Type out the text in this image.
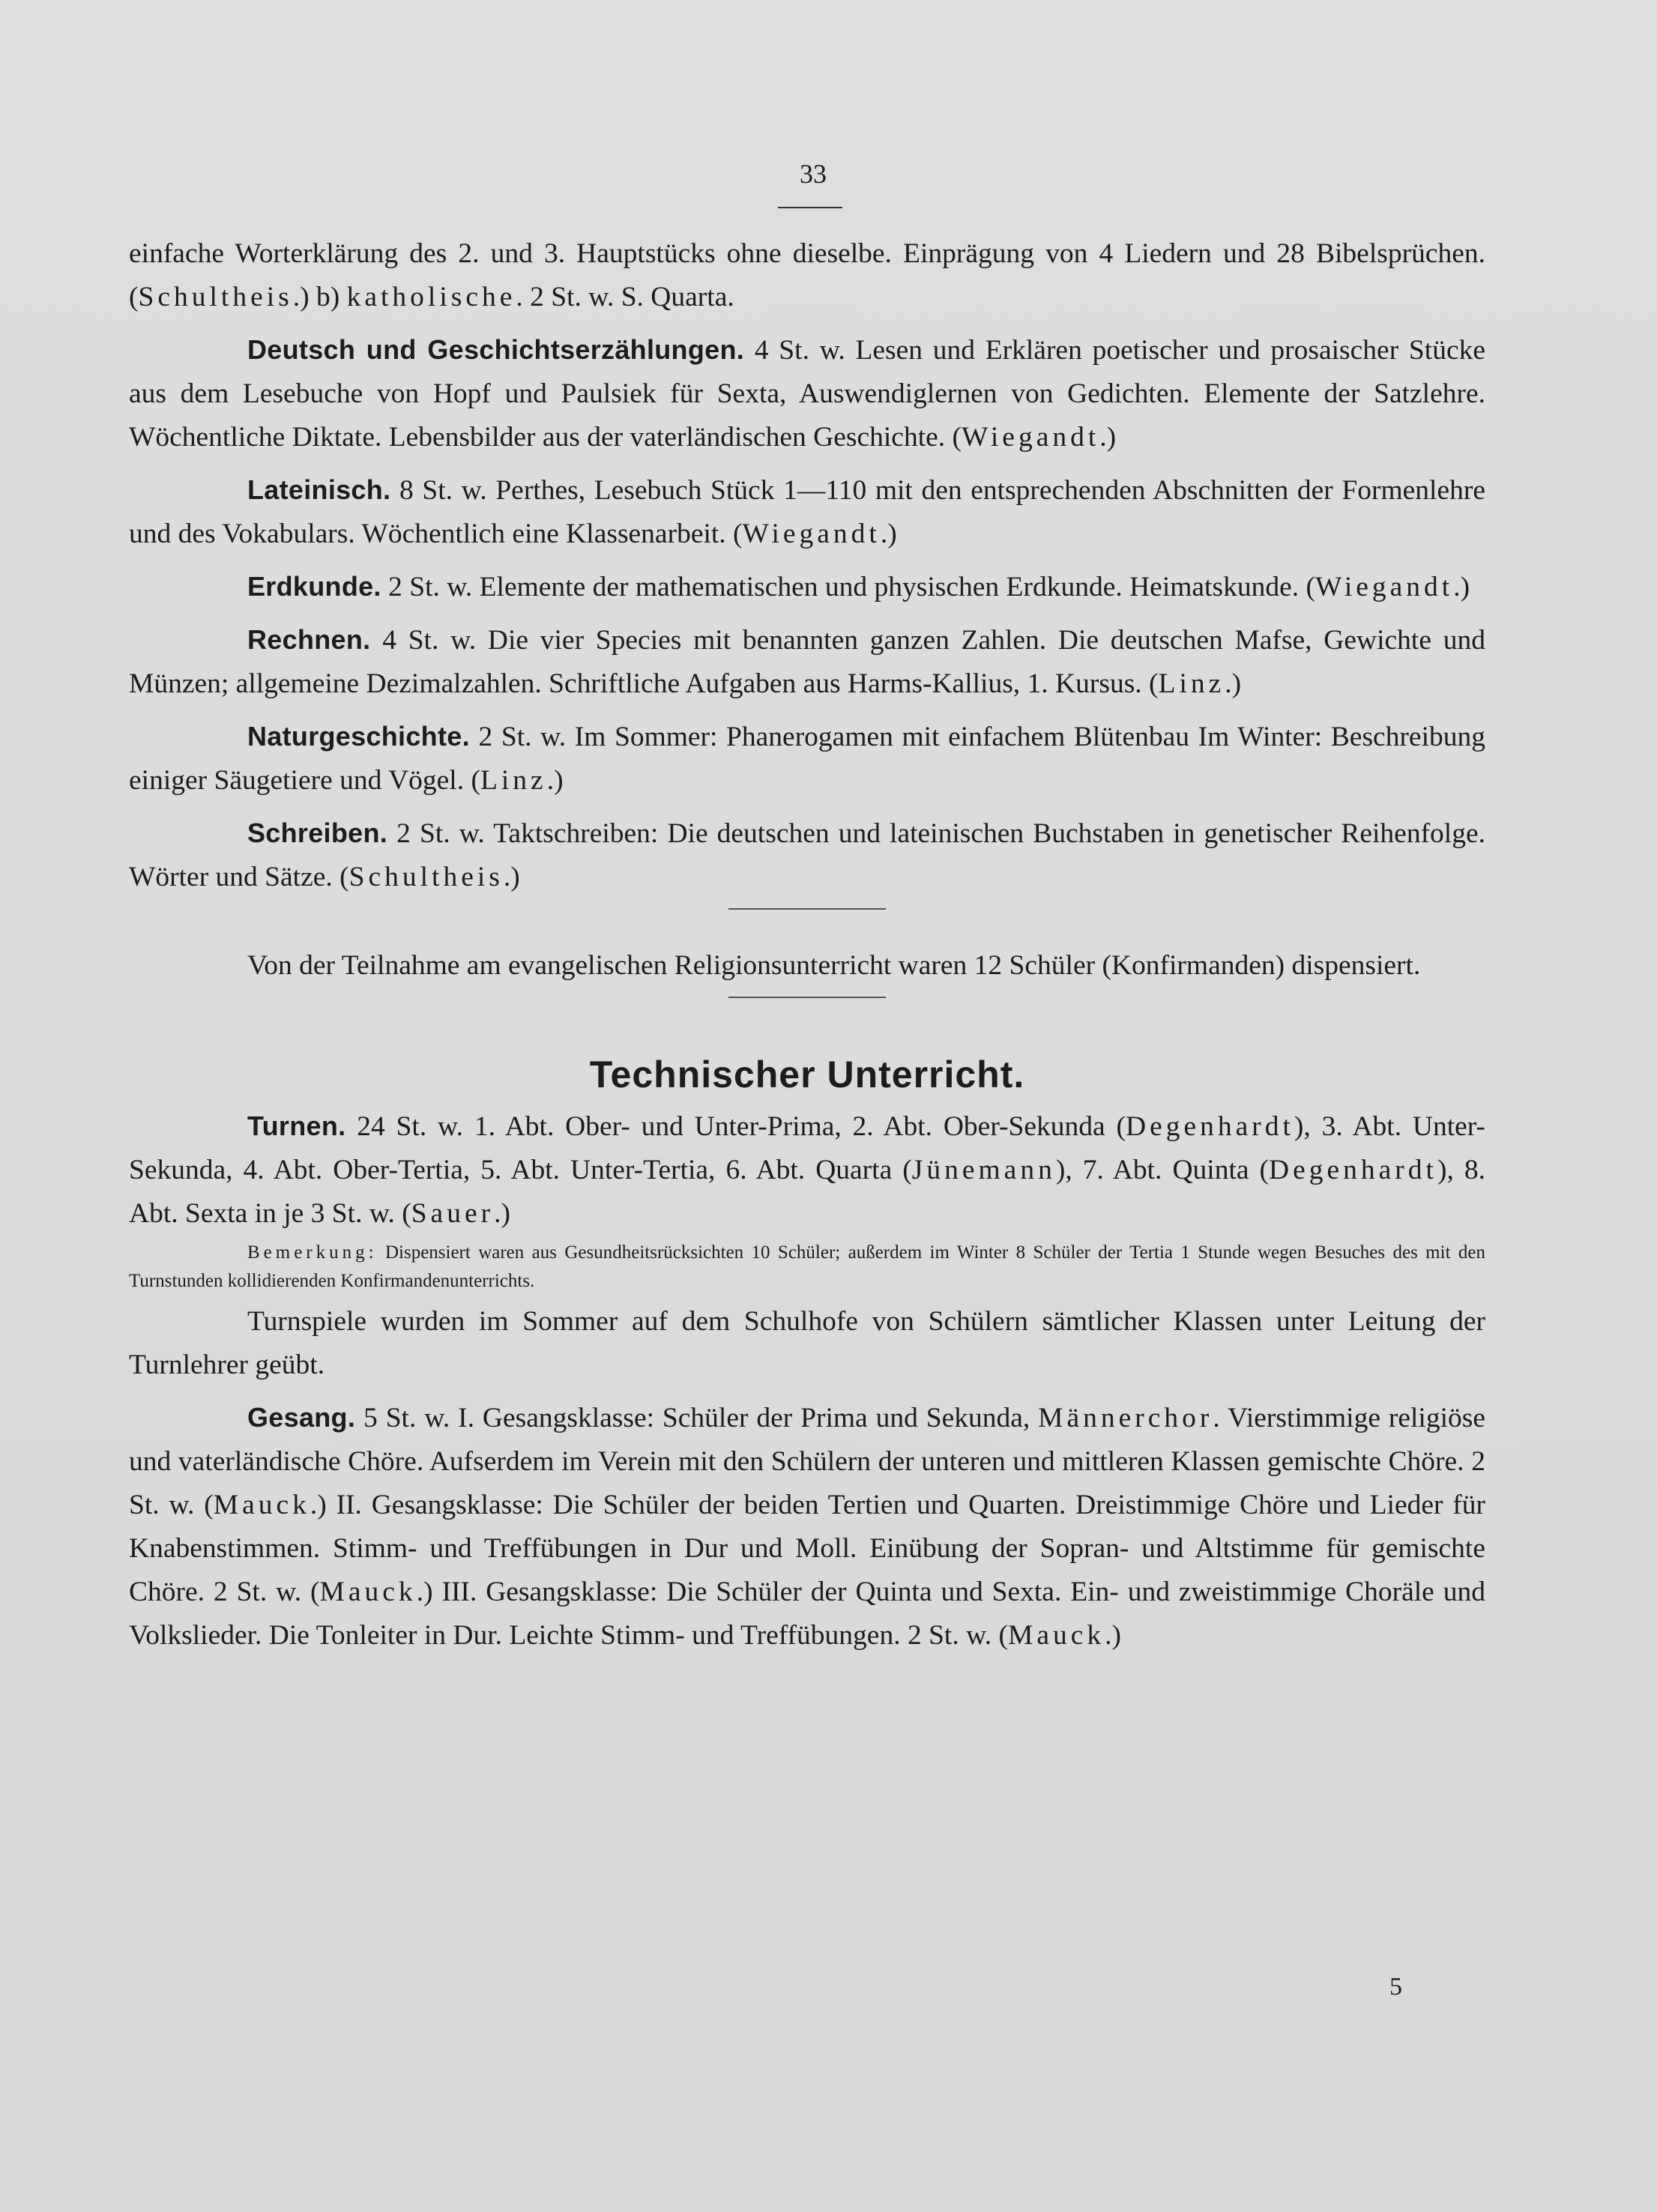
33

einfache Worterklärung des 2. und 3. Hauptstücks ohne dieselbe. Einprägung von 4 Liedern und 28 Bibelsprüchen. (Schultheis.) b) katholische. 2 St. w. S. Quarta.

Deutsch und Geschichtserzählungen. 4 St. w. Lesen und Erklären poetischer und prosaischer Stücke aus dem Lesebuche von Hopf und Paulsiek für Sexta, Auswendiglernen von Gedichten. Elemente der Satzlehre. Wöchentliche Diktate. Lebensbilder aus der vaterländischen Geschichte. (Wiegandt.)

Lateinisch. 8 St. w. Perthes, Lesebuch Stück 1—110 mit den entsprechenden Abschnitten der Formenlehre und des Vokabulars. Wöchentlich eine Klassenarbeit. (Wiegandt.)

Erdkunde. 2 St. w. Elemente der mathematischen und physischen Erdkunde. Heimatskunde. (Wiegandt.)

Rechnen. 4 St. w. Die vier Species mit benannten ganzen Zahlen. Die deutschen Mafse, Gewichte und Münzen; allgemeine Dezimalzahlen. Schriftliche Aufgaben aus Harms-Kallius, 1. Kursus. (Linz.)

Naturgeschichte. 2 St. w. Im Sommer: Phanerogamen mit einfachem Blütenbau Im Winter: Beschreibung einiger Säugetiere und Vögel. (Linz.)

Schreiben. 2 St. w. Taktschreiben: Die deutschen und lateinischen Buchstaben in genetischer Reihenfolge. Wörter und Sätze. (Schultheis.)

Von der Teilnahme am evangelischen Religionsunterricht waren 12 Schüler (Konfirmanden) dispensiert.

Technischer Unterricht.

Turnen. 24 St. w. 1. Abt. Ober- und Unter-Prima, 2. Abt. Ober-Sekunda (Degenhardt), 3. Abt. Unter-Sekunda, 4. Abt. Ober-Tertia, 5. Abt. Unter-Tertia, 6. Abt. Quarta (Jünemann), 7. Abt. Quinta (Degenhardt), 8. Abt. Sexta in je 3 St. w. (Sauer.)

Bemerkung: Dispensiert waren aus Gesundheitsrücksichten 10 Schüler; außerdem im Winter 8 Schüler der Tertia 1 Stunde wegen Besuches des mit den Turnstunden kollidierenden Konfirmandenunterrichts.

Turnspiele wurden im Sommer auf dem Schulhofe von Schülern sämtlicher Klassen unter Leitung der Turnlehrer geübt.

Gesang. 5 St. w. I. Gesangsklasse: Schüler der Prima und Sekunda, Männerchor. Vierstimmige religiöse und vaterländische Chöre. Aufserdem im Verein mit den Schülern der unteren und mittleren Klassen gemischte Chöre. 2 St. w. (Mauck.) II. Gesangsklasse: Die Schüler der beiden Tertien und Quarten. Dreistimmige Chöre und Lieder für Knabenstimmen. Stimm- und Treffübungen in Dur und Moll. Einübung der Sopran- und Altstimme für gemischte Chöre. 2 St. w. (Mauck.) III. Gesangsklasse: Die Schüler der Quinta und Sexta. Ein- und zweistimmige Choräle und Volkslieder. Die Tonleiter in Dur. Leichte Stimm- und Treffübungen. 2 St. w. (Mauck.)

5
